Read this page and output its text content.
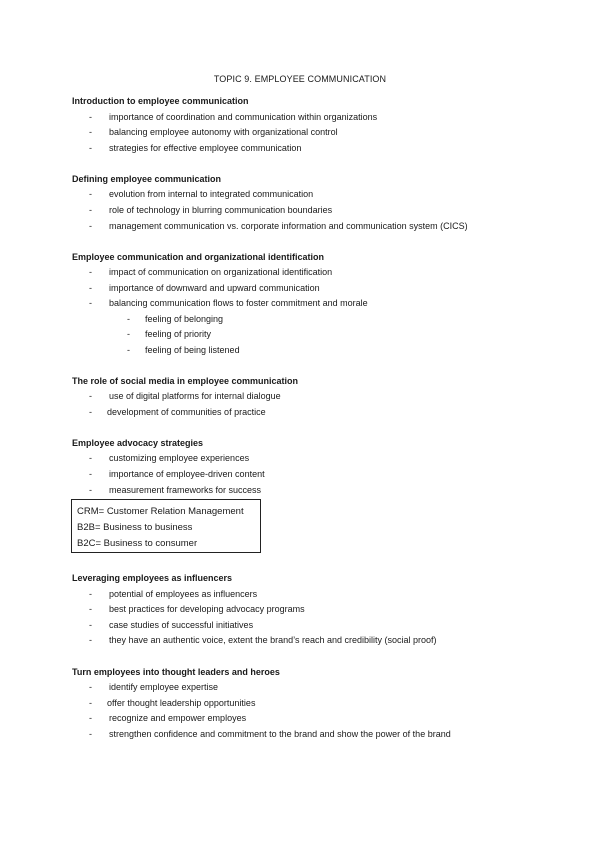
TOPIC 9. EMPLOYEE COMMUNICATION
Introduction to employee communication
- importance of coordination and communication within organizations
- balancing employee autonomy with organizational control
- strategies for effective employee communication
Defining employee communication
- evolution from internal to integrated communication
- role of technology in blurring communication boundaries
- management communication vs. corporate information and communication system (CICS)
Employee communication and organizational identification
- impact of communication on organizational identification
- importance of downward and upward communication
- balancing communication flows to foster commitment and morale
- feeling of belonging
- feeling of priority
- feeling of being listened
The role of social media in employee communication
- use of digital platforms for internal dialogue
- development of communities of practice
Employee advocacy strategies
- customizing employee experiences
- importance of employee-driven content
- measurement frameworks for success
CRM= Customer Relation Management
B2B= Business to business
B2C= Business to consumer
Leveraging employees as influencers
- potential of employees as influencers
- best practices for developing advocacy programs
- case studies of successful initiatives
- they have an authentic voice, extent the brand’s reach and credibility (social proof)
Turn employees into thought leaders and heroes
- identify employee expertise
- offer thought leadership opportunities
- recognize and empower employes
- strengthen confidence and commitment to the brand and show the power of the brand
